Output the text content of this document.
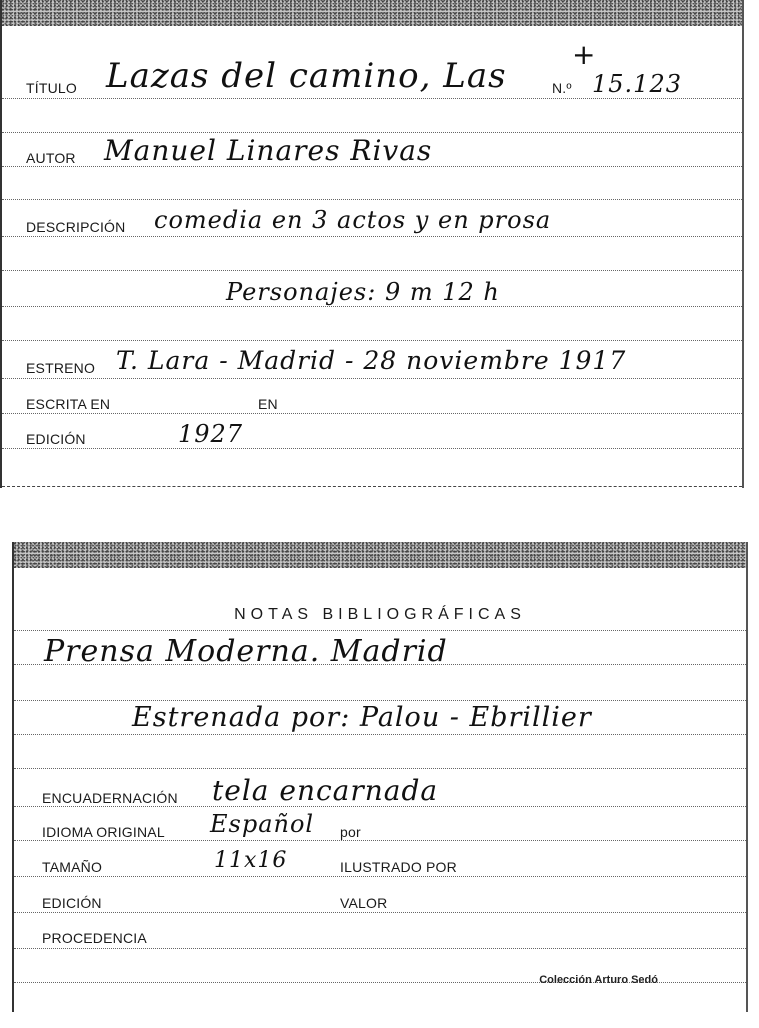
TÍTULO Lazas del camino, Las	N.º 15.123
+
AUTOR Manuel Linares Rivas
DESCRIPCIÓN comedia en 3 actos y en prosa
Personajes: 9 m 12 h
ESTRENO T. Lara - Madrid - 28 noviembre 1917
ESCRITA EN	EN
EDICIÓN	1927
NOTAS BIBLIOGRÁFICAS
Prensa Moderna. Madrid
Estrenada por: Palou - Ebrillier
ENCUADERNACIÓN tela encarnada
IDIOMA ORIGINAL Español por
TAMAÑO	11x16	ILUSTRADO POR
EDICIÓN	VALOR
PROCEDENCIA
Colección Arturo Sedó
